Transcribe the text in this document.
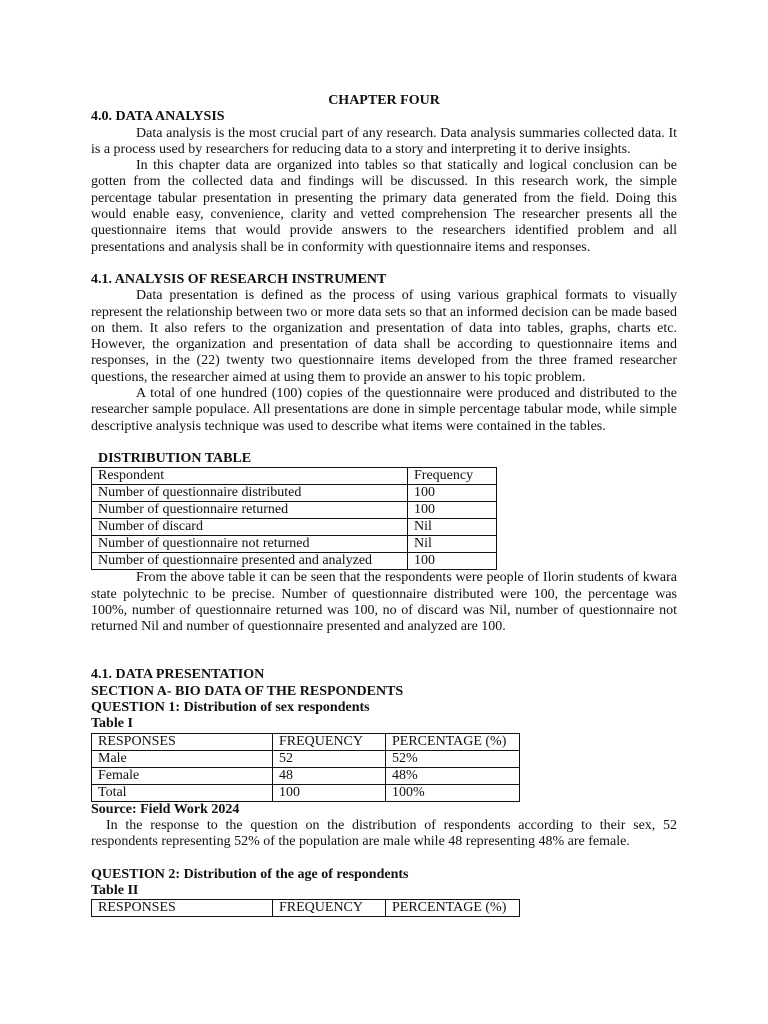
CHAPTER FOUR
4.0. DATA ANALYSIS

Data analysis is the most crucial part of any research. Data analysis summaries collected data. It is a process used by researchers for reducing data to a story and interpreting it to derive insights.

In this chapter data are organized into tables so that statically and logical conclusion can be gotten from the collected data and findings will be discussed. In this research work, the simple percentage tabular presentation in presenting the primary data generated from the field. Doing this would enable easy, convenience, clarity and vetted comprehension The researcher presents all the questionnaire items that would provide answers to the researchers identified problem and all presentations and analysis shall be in conformity with questionnaire items and responses.

4.1. ANALYSIS OF RESEARCH INSTRUMENT

Data presentation is defined as the process of using various graphical formats to visually represent the relationship between two or more data sets so that an informed decision can be made based on them. It also refers to the organization and presentation of data into tables, graphs, charts etc. However, the organization and presentation of data shall be according to questionnaire items and responses, in the (22) twenty two questionnaire items developed from the three framed researcher questions, the researcher aimed at using them to provide an answer to his topic problem.

A total of one hundred (100) copies of the questionnaire were produced and distributed to the researcher sample populace. All presentations are done in simple percentage tabular mode, while simple descriptive analysis technique was used to describe what items were contained in the tables.

DISTRIBUTION TABLE
Respondent	Frequency
Number of questionnaire distributed	100
Number of questionnaire returned	100
Number of discard	Nil
Number of questionnaire not returned	Nil
Number of questionnaire presented and analyzed	100

From the above table it can be seen that the respondents were people of Ilorin students of kwara state polytechnic to be precise. Number of questionnaire distributed were 100, the percentage was 100%, number of questionnaire returned was 100, no of discard was Nil, number of questionnaire not returned Nil and number of questionnaire presented and analyzed are 100.

4.1. DATA PRESENTATION
SECTION A- BIO DATA OF THE RESPONDENTS
QUESTION 1: Distribution of sex respondents
Table I
RESPONSES	FREQUENCY	PERCENTAGE (%)
Male	52	52%
Female	48	48%
Total	100	100%
Source: Field Work 2024

In the response to the question on the distribution of respondents according to their sex, 52 respondents representing 52% of the population are male while 48 representing 48% are female.

QUESTION 2: Distribution of the age of respondents
Table II
RESPONSES	FREQUENCY	PERCENTAGE (%)
